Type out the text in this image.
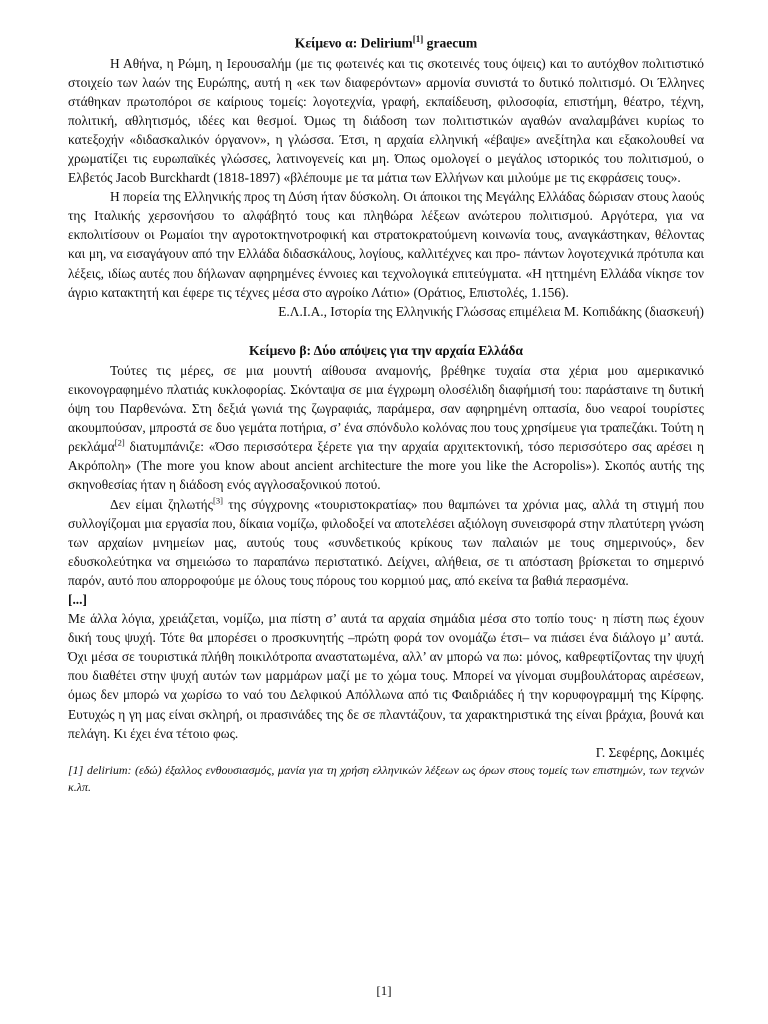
Κείμενο α: Delirium[1] graecum

Η Αθήνα, η Ρώμη, η Ιερουσαλήμ (με τις φωτεινές και τις σκοτεινές τους όψεις) και το αυτόχθον πολιτιστικό στοιχείο των λαών της Ευρώπης, αυτή η «εκ των διαφερόντων» αρμονία συνιστά το δυτικό πολιτισμό. Οι Έλληνες στάθηκαν πρωτοπόροι σε καίριους τομείς: λογοτεχνία, γραφή, εκπαίδευση, φιλοσοφία, επιστήμη, θέατρο, τέχνη, πολιτική, αθλητισμός, ιδέες και θεσμοί. Όμως τη διάδοση των πολιτιστικών αγαθών αναλαμβάνει κυρίως το κατεξοχήν «διδασκαλικόν όργανον», η γλώσσα. Έτσι, η αρχαία ελληνική «έβαψε» ανεξίτηλα και εξακολουθεί να χρωματίζει τις ευρωπαϊκές γλώσσες, λατινογενείς και μη. Όπως ομολογεί ο μεγάλος ιστορικός του πολιτισμού, ο Ελβετός Jacob Burckhardt (1818-1897) «βλέπουμε με τα μάτια των Ελλήνων και μιλούμε με τις εκφράσεις τους».

Η πορεία της Ελληνικής προς τη Δύση ήταν δύσκολη. Οι άποικοι της Μεγάλης Ελλάδας δώρισαν στους λαούς της Ιταλικής χερσονήσου το αλφάβητό τους και πληθώρα λέξεων ανώτερου πολιτισμού. Αργότερα, για να εκπολιτίσουν οι Ρωμαίοι την αγροτοκτηνοτροφική και στρατοκρατούμενη κοινωνία τους, αναγκάστηκαν, θέλοντας και μη, να εισαγάγουν από την Ελλάδα διδασκάλους, λογίους, καλλιτέχνες και προ- πάντων λογοτεχνικά πρότυπα και λέξεις, ιδίως αυτές που δήλωναν αφηρημένες έννοιες και τεχνολογικά επιτεύγματα. «Η ηττημένη Ελλάδα νίκησε τον άγριο κατακτητή και έφερε τις τέχνες μέσα στο αγροίκο Λάτιο» (Οράτιος, Επιστολές, 1.156).

Ε.Λ.Ι.Α., Ιστορία της Ελληνικής Γλώσσας επιμέλεια Μ. Κοπιδάκης (διασκευή)

Κείμενο β: Δύο απόψεις για την αρχαία Ελλάδα

Τούτες τις μέρες, σε μια μουντή αίθουσα αναμονής, βρέθηκε τυχαία στα χέρια μου αμερικανικό εικονογραφημένο πλατιάς κυκλοφορίας. Σκόνταψα σε μια έγχρωμη ολοσέλιδη διαφήμισή του: παράσταινε τη δυτική όψη του Παρθενώνα. Στη δεξιά γωνιά της ζωγραφιάς, παράμερα, σαν αφηρημένη οπτασία, δυο νεαροί τουρίστες ακουμπούσαν, μπροστά σε δυο γεμάτα ποτήρια, σ’ ένα σπόνδυλο κολόνας που τους χρησίμευε για τραπεζάκι. Τούτη η ρεκλάμα[2] διατυμπάνιζε: «Όσο περισσότερα ξέρετε για την αρχαία αρχιτεκτονική, τόσο περισσότερο σας αρέσει η Ακρόπολη» (The more you know about ancient architecture the more you like the Acropolis»). Σκοπός αυτής της σκηνοθεσίας ήταν η διάδοση ενός αγγλοσαξονικού ποτού.

Δεν είμαι ζηλωτής[3] της σύγχρονης «τουριστοκρατίας» που θαμπώνει τα χρόνια μας, αλλά τη στιγμή που συλλογίζομαι μια εργασία που, δίκαια νομίζω, φιλοδοξεί να αποτελέσει αξιόλογη συνεισφορά στην πλατύτερη γνώση των αρχαίων μνημείων μας, αυτούς τους «συνδετικούς κρίκους των παλαιών με τους σημερινούς», δεν εδυσκολεύτηκα να σημειώσω το παραπάνω περιστατικό. Δείχνει, αλήθεια, σε τι απόσταση βρίσκεται το σημερινό παρόν, αυτό που απορροφούμε με όλους τους πόρους του κορμιού μας, από εκείνα τα βαθιά περασμένα.

[...]

Με άλλα λόγια, χρειάζεται, νομίζω, μια πίστη σ’ αυτά τα αρχαία σημάδια μέσα στο τοπίο τους· η πίστη πως έχουν δική τους ψυχή. Τότε θα μπορέσει ο προσκυνητής –πρώτη φορά τον ονομάζω έτσι– να πιάσει ένα διάλογο μ’ αυτά. Όχι μέσα σε τουριστικά πλήθη ποικιλότροπα αναστατωμένα, αλλ’ αν μπορώ να πω: μόνος, καθρεφτίζοντας την ψυχή που διαθέτει στην ψυχή αυτών των μαρμάρων μαζί με το χώμα τους. Μπορεί να γίνομαι συμβουλάτορας αιρέσεων, όμως δεν μπορώ να χωρίσω το ναό του Δελφικού Απόλλωνα από τις Φαιδριάδες ή την κορυφογραμμή της Κίρφης. Ευτυχώς η γη μας είναι σκληρή, οι πρασινάδες της δε σε πλαντάζουν, τα χαρακτηριστικά της είναι βράχια, βουνά και πελάγη. Κι έχει ένα τέτοιο φως.

Γ. Σεφέρης, Δοκιμές

[1] delirium: (εδώ) έξαλλος ενθουσιασμός, μανία για τη χρήση ελληνικών λέξεων ως όρων στους τομείς των επιστημών, των τεχνών κ.λπ.

[1]
